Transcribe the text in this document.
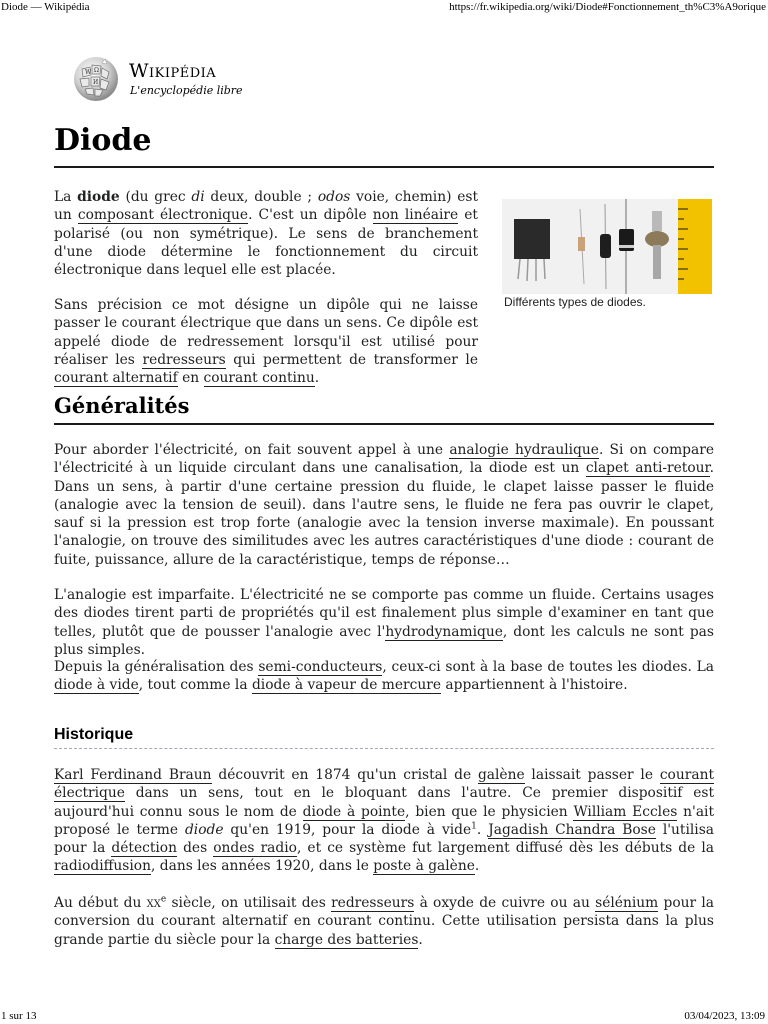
Diode — Wikipédia	https://fr.wikipedia.org/wiki/Diode#Fonctionnement_th%C3%A9orique
W Ω
И
Wikipédia
L'encyclopédie libre
Diode

La diode (du grec di deux, double ; odos voie, chemin) est un composant électronique. C'est un dipôle non linéaire et polarisé (ou non symétrique). Le sens de branchement d'une diode détermine le fonctionnement du circuit électronique dans lequel elle est placée.

Sans précision ce mot désigne un dipôle qui ne laisse passer le courant électrique que dans un sens. Ce dipôle est appelé diode de redressement lorsqu'il est utilisé pour réaliser les redresseurs qui permettent de transformer le courant alternatif en courant continu.

Différents types de diodes.
Généralités

Pour aborder l'électricité, on fait souvent appel à une analogie hydraulique. Si on compare l'électricité à un liquide circulant dans une canalisation, la diode est un clapet anti-retour. Dans un sens, à partir d'une certaine pression du fluide, le clapet laisse passer le fluide (analogie avec la tension de seuil). dans l'autre sens, le fluide ne fera pas ouvrir le clapet, sauf si la pression est trop forte (analogie avec la tension inverse maximale). En poussant l'analogie, on trouve des similitudes avec les autres caractéristiques d'une diode : courant de fuite, puissance, allure de la caractéristique, temps de réponse…

L'analogie est imparfaite. L'électricité ne se comporte pas comme un fluide. Certains usages des diodes tirent parti de propriétés qu'il est finalement plus simple d'examiner en tant que telles, plutôt que de pousser l'analogie avec l'hydrodynamique, dont les calculs ne sont pas plus simples.

Depuis la généralisation des semi-conducteurs, ceux-ci sont à la base de toutes les diodes. La diode à vide, tout comme la diode à vapeur de mercure appartiennent à l'histoire.

Historique

Karl Ferdinand Braun découvrit en 1874 qu'un cristal de galène laissait passer le courant électrique dans un sens, tout en le bloquant dans l'autre. Ce premier dispositif est aujourd'hui connu sous le nom de diode à pointe, bien que le physicien William Eccles n'ait proposé le terme diode qu'en 1919, pour la diode à vide$^1$. Jagadish Chandra Bose l'utilisa pour la détection des ondes radio, et ce système fut largement diffusé dès les débuts de la radiodiffusion, dans les années 1920, dans le poste à galène.

Au début du $xx^e$ siècle, on utilisait des redresseurs à oxyde de cuivre ou au sélénium pour la conversion du courant alternatif en courant continu. Cette utilisation persista dans la plus grande partie du siècle pour la charge des batteries.

1 sur 13	03/04/2023, 13:09
